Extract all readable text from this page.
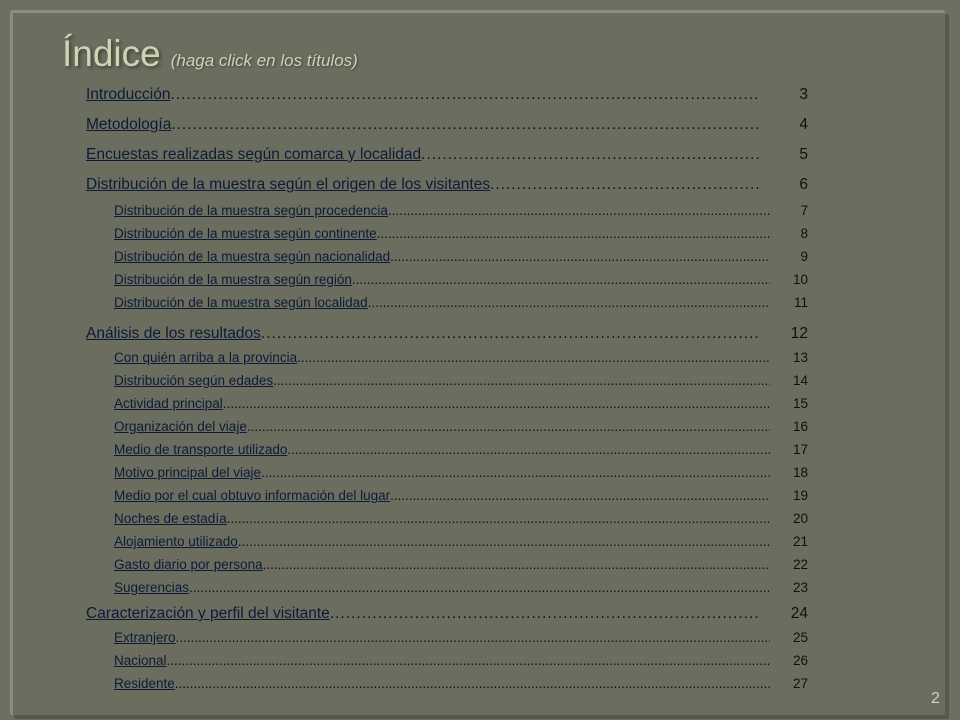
Índice (haga click en los títulos)
Introducción .....	3
Metodología .....	4
Encuestas realizadas según comarca y localidad .....	5
Distribución de la muestra según el origen de los visitantes .....	6
Distribución de la muestra según procedencia .....	7
Distribución de la muestra según continente .....	8
Distribución de la muestra según nacionalidad .....	9
Distribución de la muestra según región .....	10
Distribución de la muestra según localidad .....	11
Análisis de los resultados .....	12
Con quién arriba a la provincia .....	13
Distribución según edades .....	14
Actividad principal .....	15
Organización del viaje .....	16
Medio de transporte utilizado .....	17
Motivo principal del viaje .....	18
Medio por el cual obtuvo información del lugar .....	19
Noches de estadía .....	20
Alojamiento utilizado .....	21
Gasto diario por persona .....	22
Sugerencias .....	23
Caracterización y perfil del visitante .....	24
Extranjero .....	25
Nacional .....	26
Residente .....	27
2
